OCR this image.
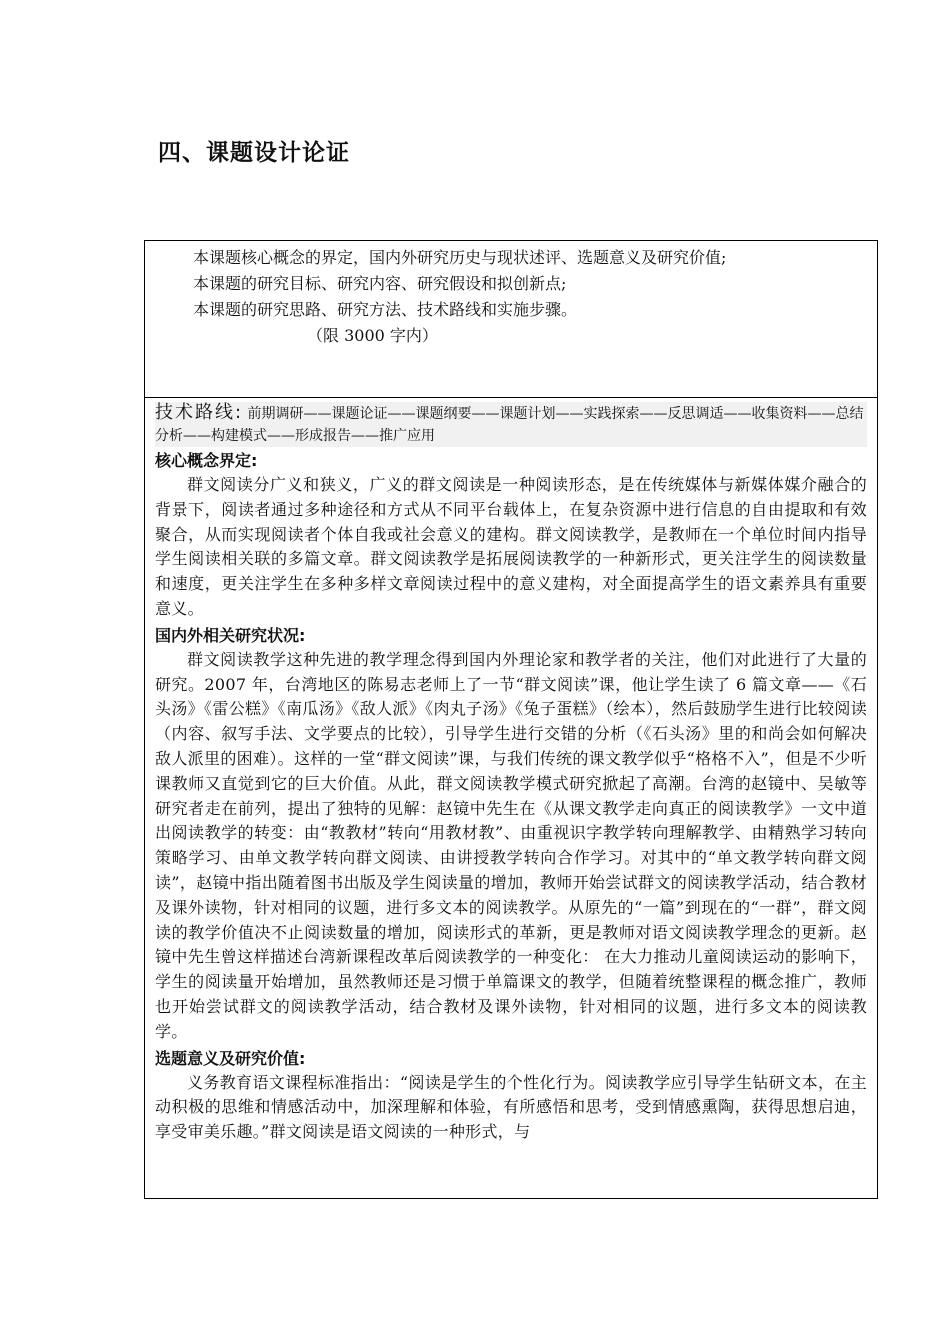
四、课题设计论证
本课题核心概念的界定，国内外研究历史与现状述评、选题意义及研究价值;
本课题的研究目标、研究内容、研究假设和拟创新点;
本课题的研究思路、研究方法、技术路线和实施步骤。
（限 3000 字内）
技术路线: 前期调研——课题论证——课题纲要——课题计划——实践探索——反思调适——收集资料——总结分析——构建模式——形成报告——推广应用
核心概念界定:

群文阅读分广义和狭义，广义的群文阅读是一种阅读形态，是在传统媒体与新媒体媒介融合的背景下，阅读者通过多种途径和方式从不同平台载体上，在复杂资源中进行信息的自由提取和有效聚合，从而实现阅读者个体自我或社会意义的建构。群文阅读教学，是教师在一个单位时间内指导学生阅读相关联的多篇文章。群文阅读教学是拓展阅读教学的一种新形式，更关注学生的阅读数量和速度，更关注学生在多种多样文章阅读过程中的意义建构，对全面提高学生的语文素养具有重要意义。

国内外相关研究状况:

群文阅读教学这种先进的教学理念得到国内外理论家和教学者的关注，他们对此进行了大量的研究。2007 年，台湾地区的陈易志老师上了一节“群文阅读”课，他让学生读了 6 篇文章——《石头汤》《雷公糕》《南瓜汤》《敌人派》《肉丸子汤》《兔子蛋糕》（绘本），然后鼓励学生进行比较阅读（内容、叙写手法、文学要点的比较），引导学生进行交错的分析（《石头汤》里的和尚会如何解决敌人派里的困难）。这样的一堂“群文阅读”课，与我们传统的课文教学似乎“格格不入”，但是不少听课教师又直觉到它的巨大价值。从此，群文阅读教学模式研究掀起了高潮。台湾的赵镜中、吴敏等研究者走在前列，提出了独特的见解：赵镜中先生在《从课文教学走向真正的阅读教学》一文中道出阅读教学的转变：由“教教材”转向“用教材教”、由重视识字教学转向理解教学、由精熟学习转向策略学习、由单文教学转向群文阅读、由讲授教学转向合作学习。对其中的“单文教学转向群文阅读”，赵镜中指出随着图书出版及学生阅读量的增加，教师开始尝试群文的阅读教学活动，结合教材及课外读物，针对相同的议题，进行多文本的阅读教学。从原先的“一篇”到现在的“一群”，群文阅读的教学价值决不止阅读数量的增加，阅读形式的革新，更是教师对语文阅读教学理念的更新。赵镜中先生曾这样描述台湾新课程改革后阅读教学的一种变化： 在大力推动儿童阅读运动的影响下，学生的阅读量开始增加，虽然教师还是习惯于单篇课文的教学，但随着统整课程的概念推广，教师也开始尝试群文的阅读教学活动，结合教材及课外读物，针对相同的议题，进行多文本的阅读教学。

选题意义及研究价值:

义务教育语文课程标准指出：“阅读是学生的个性化行为。阅读教学应引导学生钻研文本，在主动积极的思维和情感活动中，加深理解和体验，有所感悟和思考，受到情感熏陶，获得思想启迪，享受审美乐趣。”群文阅读是语文阅读的一种形式，与
